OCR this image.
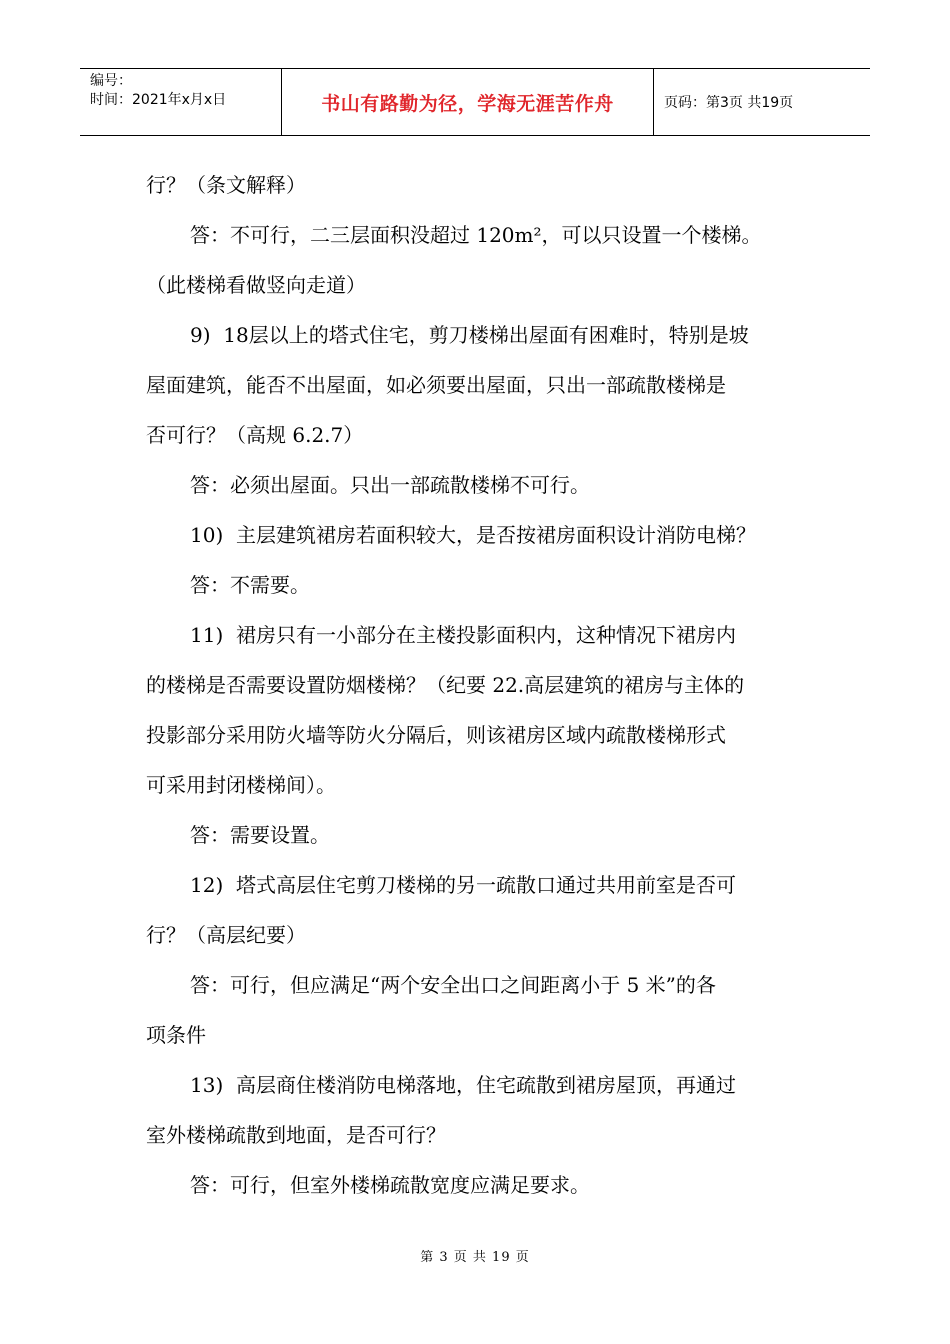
编号：
时间：2021年x月x日	书山有路勤为径，学海无涯苦作舟	页码：第3页 共19页

行？（条文解释）

答：不可行，二三层面积没超过 120m²，可以只设置一个楼梯。

（此楼梯看做竖向走道）

9)  18层以上的塔式住宅，剪刀楼梯出屋面有困难时，特别是坡

屋面建筑，能否不出屋面，如必须要出屋面，只出一部疏散楼梯是

否可行？（高规 6.2.7）

答：必须出屋面。只出一部疏散楼梯不可行。

10)  主层建筑裙房若面积较大，是否按裙房面积设计消防电梯？

答：不需要。

11)  裙房只有一小部分在主楼投影面积内，这种情况下裙房内

的楼梯是否需要设置防烟楼梯？（纪要 22.高层建筑的裙房与主体的

投影部分采用防火墙等防火分隔后，则该裙房区域内疏散楼梯形式

可采用封闭楼梯间）。

答：需要设置。

12)  塔式高层住宅剪刀楼梯的另一疏散口通过共用前室是否可

行？（高层纪要）

答：可行，但应满足“两个安全出口之间距离小于 5 米”的各

项条件

13)  高层商住楼消防电梯落地，住宅疏散到裙房屋顶，再通过

室外楼梯疏散到地面，是否可行？

答：可行，但室外楼梯疏散宽度应满足要求。

第 3 页 共 19 页
